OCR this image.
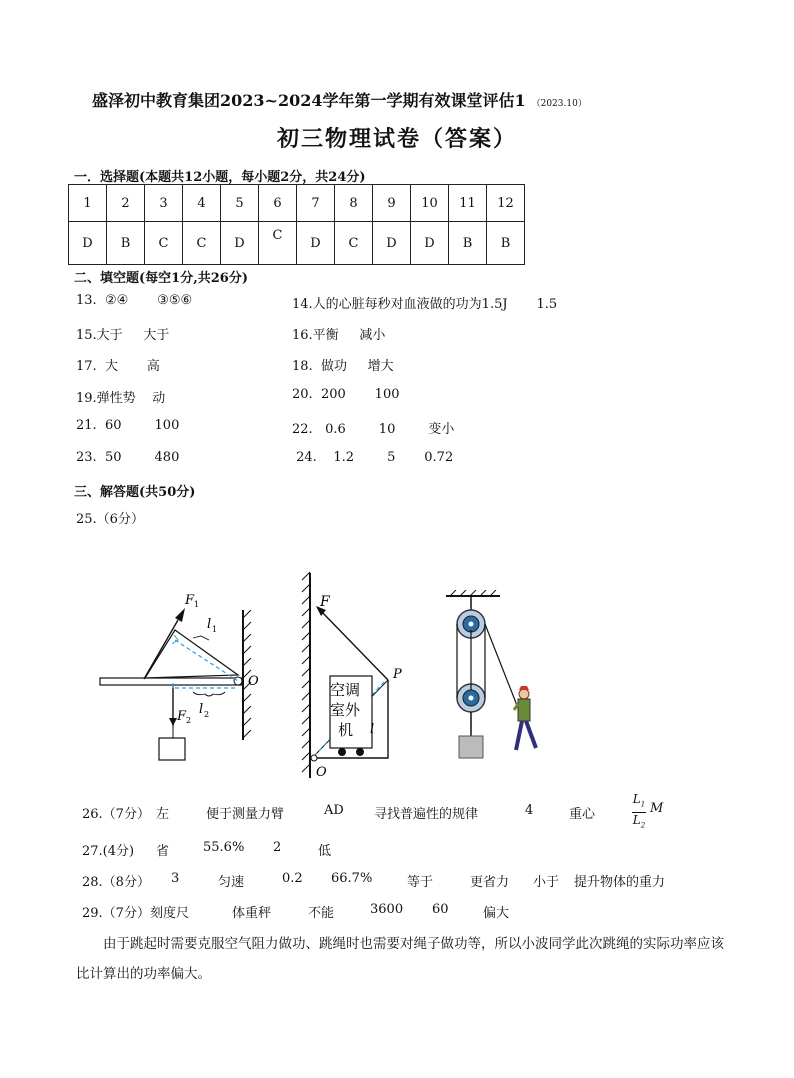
盛泽初中教育集团2023~2024学年第一学期有效课堂评估1 （2023.10）
初三物理试卷（答案）
一．选择题(本题共12小题，每小题2分，共24分)
1	2	3	4	5	6	7	8	9	10	11	12
D	B	C	C	D	C	D	C	D	D	B	B
二、填空题(每空1分,共26分)
13.  ②④       ③⑤⑥
15.大于     大于
17.  大       高
19.弹性势    动
21.  60        100
23.  50        480
14.人的心脏每秒对血液做的功为1.5J       1.5
16.平衡     减小
18.  做功     增大
20.  200       100
22.   0.6        10        变小
24.    1.2        5       0.72
三、解答题(共50分)
25.（6分）
F 1
l 1
O
F 2
l 2
F
P
空调
室外
机 l
O
26.（7分） 左	便于测量力臂	AD 寻找普遍性的规律	4	重心	$\frac{L_1}{L_2}$ M
27.(4分) 省	55.6% 2	低
28.（8分） 3	匀速	0.2 66.7%	等于	更省力 小于 提升物体的重力
29.（7分）刻度尺	体重秤	不能	3600 60	偏大
由于跳起时需要克服空气阻力做功、跳绳时也需要对绳子做功等，所以小波同学此次跳绳的实际功率应该比计算出的功率偏大。
